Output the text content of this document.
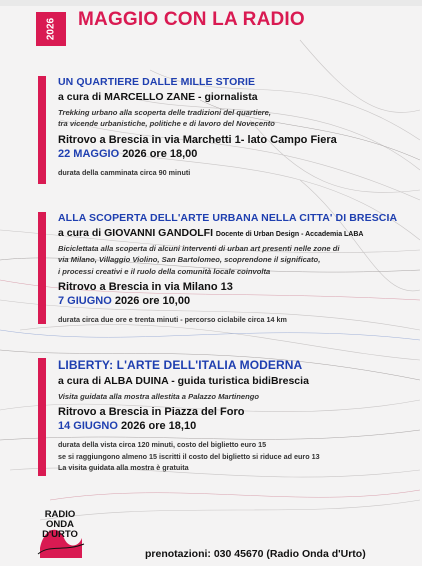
2026 MAGGIO CON LA RADIO

UN QUARTIERE DALLE MILLE STORIE

a cura di MARCELLO ZANE - giornalista
Trekking urbano alla scoperta delle tradizioni del quartiere,
tra vicende urbanistiche, politiche e di lavoro del Novecento
Ritrovo a Brescia in via Marchetti 1- lato Campo Fiera
22 MAGGIO 2026 ore 18,00
durata della camminata circa 90 minuti

ALLA SCOPERTA DELL'ARTE URBANA NELLA CITTA' DI BRESCIA

a cura di GIOVANNI GANDOLFI Docente di Urban Design - Accademia LABA
Biciclettata alla scoperta di alcuni interventi di urban art presenti nelle zone di
via Milano, Villaggio Violino, San Bartolomeo, scoprendone il significato,
i processi creativi e il ruolo della comunità locale coinvolta
Ritrovo a Brescia in via Milano 13
7 GIUGNO 2026 ore 10,00
durata circa due ore e trenta minuti - percorso ciclabile circa 14 km

LIBERTY: L'ARTE DELL'ITALIA MODERNA

a cura di ALBA DUINA - guida turistica bidiBrescia
Visita guidata alla mostra allestita a Palazzo Martinengo
Ritrovo a Brescia in Piazza del Foro
14 GIUGNO 2026 ore 18,10
durata della vista circa 120 minuti, costo del biglietto euro 15
se si raggiungono almeno 15 iscritti il costo del biglietto si riduce ad euro 13
La visita guidata alla mostra è gratuita
RADIO
ONDA
D'URTO
prenotazioni: 030 45670 (Radio Onda d'Urto)
